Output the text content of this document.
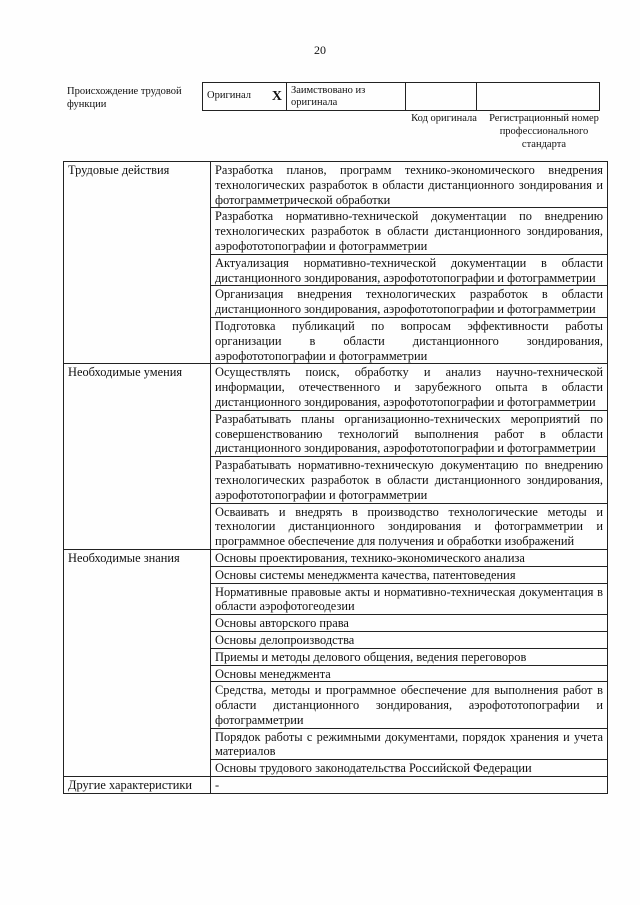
20
Происхождение трудовой функции
Оригинал X	Заимствовано из оригинала		
Код оригинала	Регистрационный номер профессионального стандарта
Трудовые действия	Разработка планов, программ технико-экономического внедрения технологических разработок в области дистанционного зондирования и фотограмметрической обработки
	Разработка нормативно-технической документации по внедрению технологических разработок в области дистанционного зондирования, аэрофототопографии и фотограмметрии
	Актуализация нормативно-технической документации в области дистанционного зондирования, аэрофототопографии и фотограмметрии
	Организация внедрения технологических разработок в области дистанционного зондирования, аэрофототопографии и фотограмметрии
	Подготовка публикаций по вопросам эффективности работы организации в области дистанционного зондирования, аэрофототопографии и фотограмметрии
Необходимые умения	Осуществлять поиск, обработку и анализ научно-технической информации, отечественного и зарубежного опыта в области дистанционного зондирования, аэрофототопографии и фотограмметрии
	Разрабатывать планы организационно-технических мероприятий по совершенствованию технологий выполнения работ в области дистанционного зондирования, аэрофототопографии и фотограмметрии
	Разрабатывать нормативно-техническую документацию по внедрению технологических разработок в области дистанционного зондирования, аэрофототопографии и фотограмметрии
	Осваивать и внедрять в производство технологические методы и технологии дистанционного зондирования и фотограмметрии и программное обеспечение для получения и обработки изображений
Необходимые знания	Основы проектирования, технико-экономического анализа
	Основы системы менеджмента качества, патентоведения
	Нормативные правовые акты и нормативно-техническая документация в области аэрофотогеодезии
	Основы авторского права
	Основы делопроизводства
	Приемы и методы делового общения, ведения переговоров
	Основы менеджмента
	Средства, методы и программное обеспечение для выполнения работ в области дистанционного зондирования, аэрофототопографии и фотограмметрии
	Порядок работы с режимными документами, порядок хранения и учета материалов
	Основы трудового законодательства Российской Федерации
Другие характеристики	-
